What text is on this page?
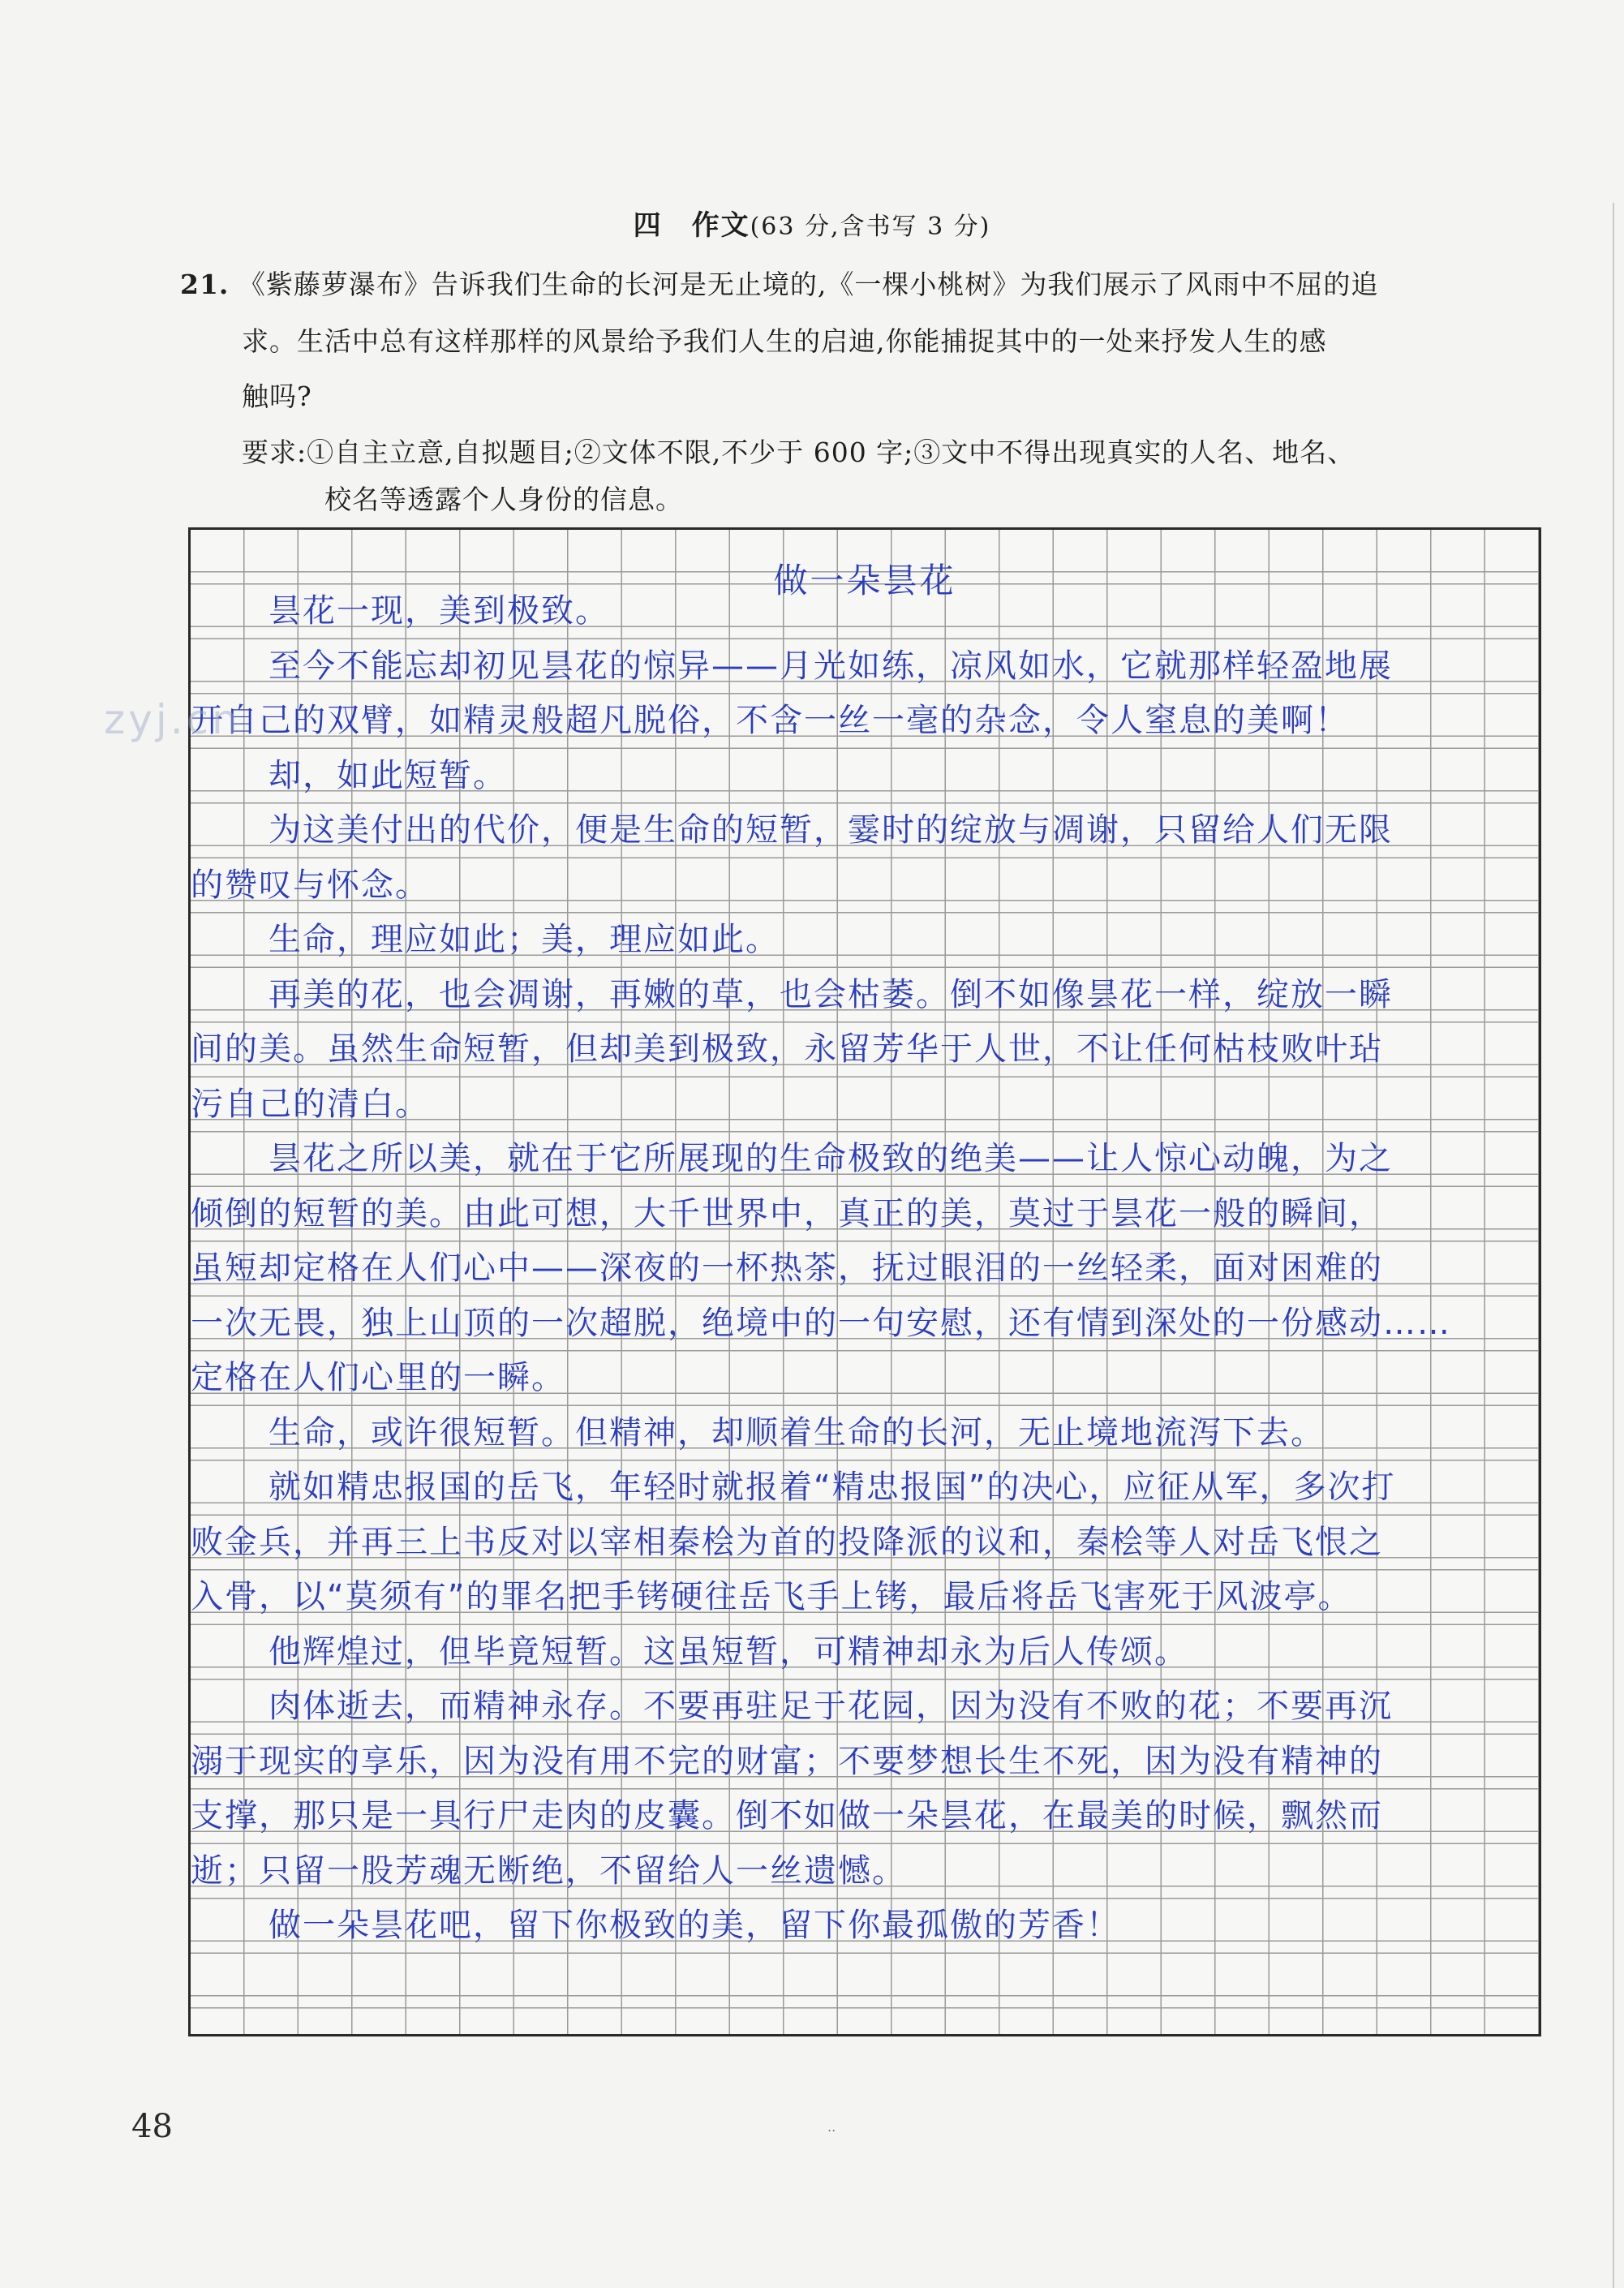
四　作文(63 分,含书写 3 分)
21. 《紫藤萝瀑布》告诉我们生命的长河是无止境的,《一棵小桃树》为我们展示了风雨中不屈的追
求。生活中总有这样那样的风景给予我们人生的启迪,你能捕捉其中的一处来抒发人生的感
触吗?
要求:①自主立意,自拟题目;②文体不限,不少于 600 字;③文中不得出现真实的人名、地名、
校名等透露个人身份的信息。
做一朵昙花
昙花一现，美到极致。
至今不能忘却初见昙花的惊异——月光如练，凉风如水，它就那样轻盈地展
开自己的双臂，如精灵般超凡脱俗，不含一丝一毫的杂念，令人窒息的美啊！
却，如此短暂。
为这美付出的代价，便是生命的短暂，霎时的绽放与凋谢，只留给人们无限
的赞叹与怀念。
生命，理应如此；美，理应如此。
再美的花，也会凋谢，再嫩的草，也会枯萎。倒不如像昙花一样，绽放一瞬
间的美。虽然生命短暂，但却美到极致，永留芳华于人世，不让任何枯枝败叶玷
污自己的清白。
昙花之所以美，就在于它所展现的生命极致的绝美——让人惊心动魄，为之
倾倒的短暂的美。由此可想，大千世界中，真正的美，莫过于昙花一般的瞬间，
虽短却定格在人们心中——深夜的一杯热茶，抚过眼泪的一丝轻柔，面对困难的
一次无畏，独上山顶的一次超脱，绝境中的一句安慰，还有情到深处的一份感动……
定格在人们心里的一瞬。
生命，或许很短暂。但精神，却顺着生命的长河，无止境地流泻下去。
就如精忠报国的岳飞，年轻时就报着“精忠报国”的决心，应征从军，多次打
败金兵，并再三上书反对以宰相秦桧为首的投降派的议和，秦桧等人对岳飞恨之
入骨，以“莫须有”的罪名把手铐硬往岳飞手上铐，最后将岳飞害死于风波亭。
他辉煌过，但毕竟短暂。这虽短暂，可精神却永为后人传颂。
肉体逝去，而精神永存。不要再驻足于花园，因为没有不败的花；不要再沉
溺于现实的享乐，因为没有用不完的财富；不要梦想长生不死，因为没有精神的
支撑，那只是一具行尸走肉的皮囊。倒不如做一朵昙花，在最美的时候，飘然而
逝；只留一股芳魂无断绝，不留给人一丝遗憾。
做一朵昙花吧，留下你极致的美，留下你最孤傲的芳香！
zyj.cn
48	..
